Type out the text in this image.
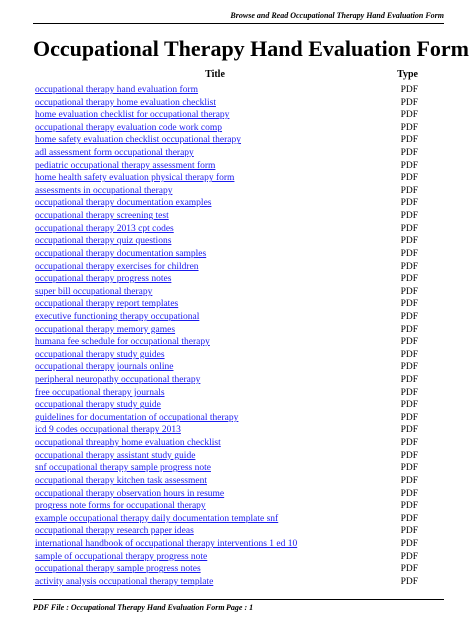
Browse and Read Occupational Therapy Hand Evaluation Form
Occupational Therapy Hand Evaluation Form
Title	Type
occupational therapy hand evaluation form	PDF
occupational therapy home evaluation checklist	PDF
home evaluation checklist for occupational therapy	PDF
occupational therapy evaluation code work comp	PDF
home safety evaluation checklist occupational therapy	PDF
adl assessment form occupational therapy	PDF
pediatric occupational therapy assessment form	PDF
home health safety evaluation physical therapy form	PDF
assessments in occupational therapy	PDF
occupational therapy documentation examples	PDF
occupational therapy screening test	PDF
occupational therapy 2013 cpt codes	PDF
occupational therapy quiz questions	PDF
occupational therapy documentation samples	PDF
occupational therapy exercises for children	PDF
occupational therapy progress notes	PDF
super bill occupational therapy	PDF
occupational therapy report templates	PDF
executive functioning therapy occupational	PDF
occupational therapy memory games	PDF
humana fee schedule for occupational therapy	PDF
occupational therapy study guides	PDF
occupational therapy journals online	PDF
peripheral neuropathy occupational therapy	PDF
free occupational therapy journals	PDF
occupational therapy study guide	PDF
guidelines for documentation of occupational therapy	PDF
icd 9 codes occupational therapy 2013	PDF
occupational threaphy home evaluation checklist	PDF
occupational therapy assistant study guide	PDF
snf occupational therapy sample progress note	PDF
occupational therapy kitchen task assessment	PDF
occupational therapy observation hours in resume	PDF
progress note forms for occupational therapy	PDF
example occupational therapy daily documentation template snf	PDF
occupational therapy research paper ideas	PDF
international handbook of occupational therapy interventions 1 ed 10	PDF
sample of occupational therapy progress note	PDF
occupational therapy sample progress notes	PDF
activity analysis occupational therapy template	PDF
PDF File : Occupational Therapy Hand Evaluation Form Page : 1
